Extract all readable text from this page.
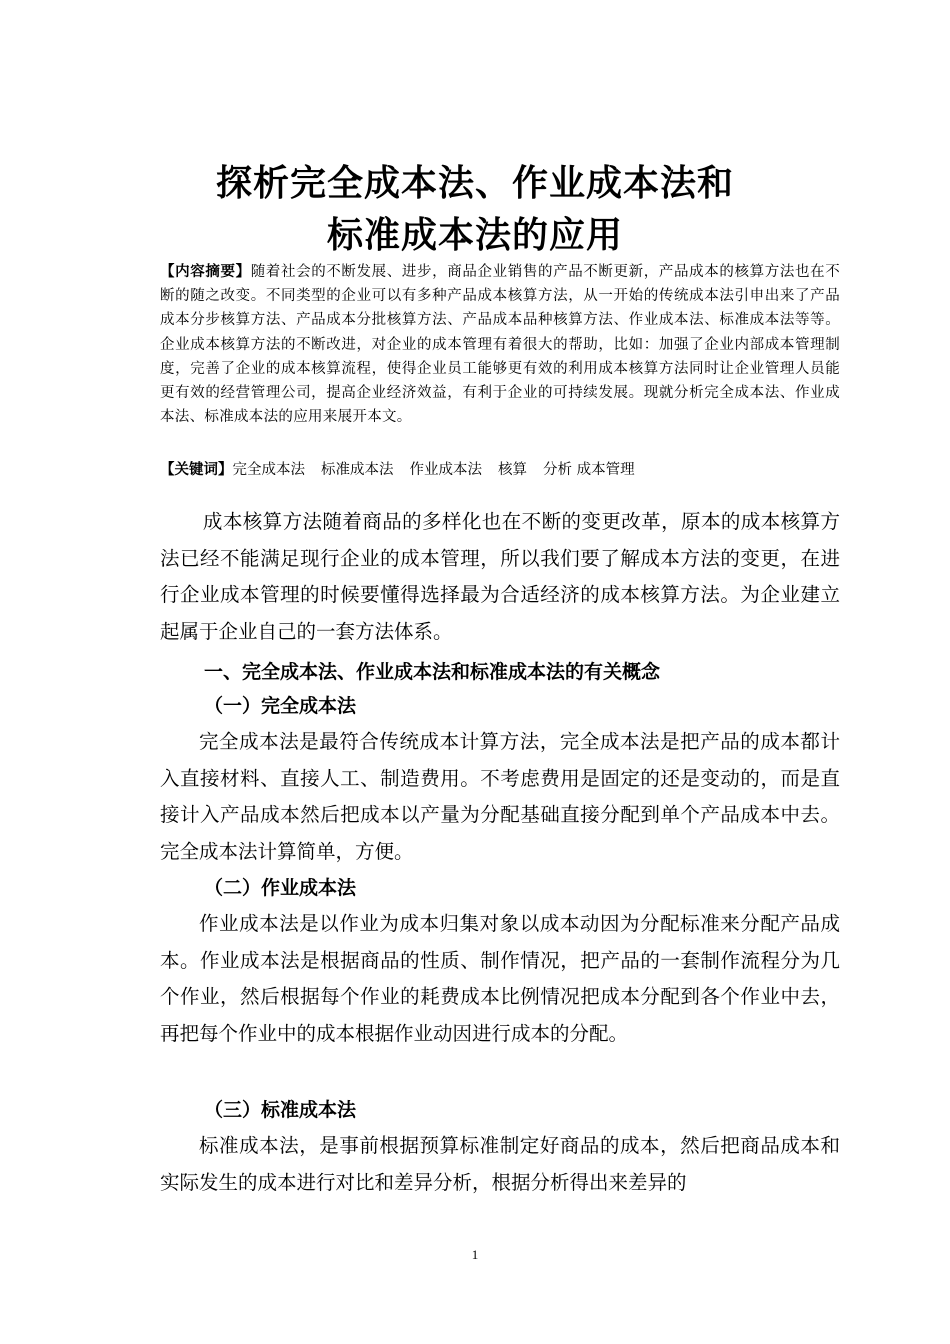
探析完全成本法、作业成本法和
标准成本法的应用

【内容摘要】随着社会的不断发展、进步，商品企业销售的产品不断更新，产品成本的核算方法也在不断的随之改变。不同类型的企业可以有多种产品成本核算方法，从一开始的传统成本法引申出来了产品成本分步核算方法、产品成本分批核算方法、产品成本品种核算方法、作业成本法、标准成本法等等。企业成本核算方法的不断改进，对企业的成本管理有着很大的帮助，比如：加强了企业内部成本管理制度，完善了企业的成本核算流程，使得企业员工能够更有效的利用成本核算方法同时让企业管理人员能更有效的经营管理公司，提高企业经济效益，有利于企业的可持续发展。现就分析完全成本法、作业成本法、标准成本法的应用来展开本文。

【关键词】完全成本法 标准成本法 作业成本法 核算 分析 成本管理

成本核算方法随着商品的多样化也在不断的变更改革，原本的成本核算方法已经不能满足现行企业的成本管理，所以我们要了解成本方法的变更，在进行企业成本管理的时候要懂得选择最为合适经济的成本核算方法。为企业建立起属于企业自己的一套方法体系。

一、完全成本法、作业成本法和标准成本法的有关概念

（一）完全成本法

完全成本法是最符合传统成本计算方法，完全成本法是把产品的成本都计入直接材料、直接人工、制造费用。不考虑费用是固定的还是变动的，而是直接计入产品成本然后把成本以产量为分配基础直接分配到单个产品成本中去。完全成本法计算简单，方便。

（二）作业成本法

作业成本法是以作业为成本归集对象以成本动因为分配标准来分配产品成本。作业成本法是根据商品的性质、制作情况，把产品的一套制作流程分为几个作业，然后根据每个作业的耗费成本比例情况把成本分配到各个作业中去，再把每个作业中的成本根据作业动因进行成本的分配。

（三）标准成本法

标准成本法，是事前根据预算标准制定好商品的成本，然后把商品成本和实际发生的成本进行对比和差异分析，根据分析得出来差异的

1
